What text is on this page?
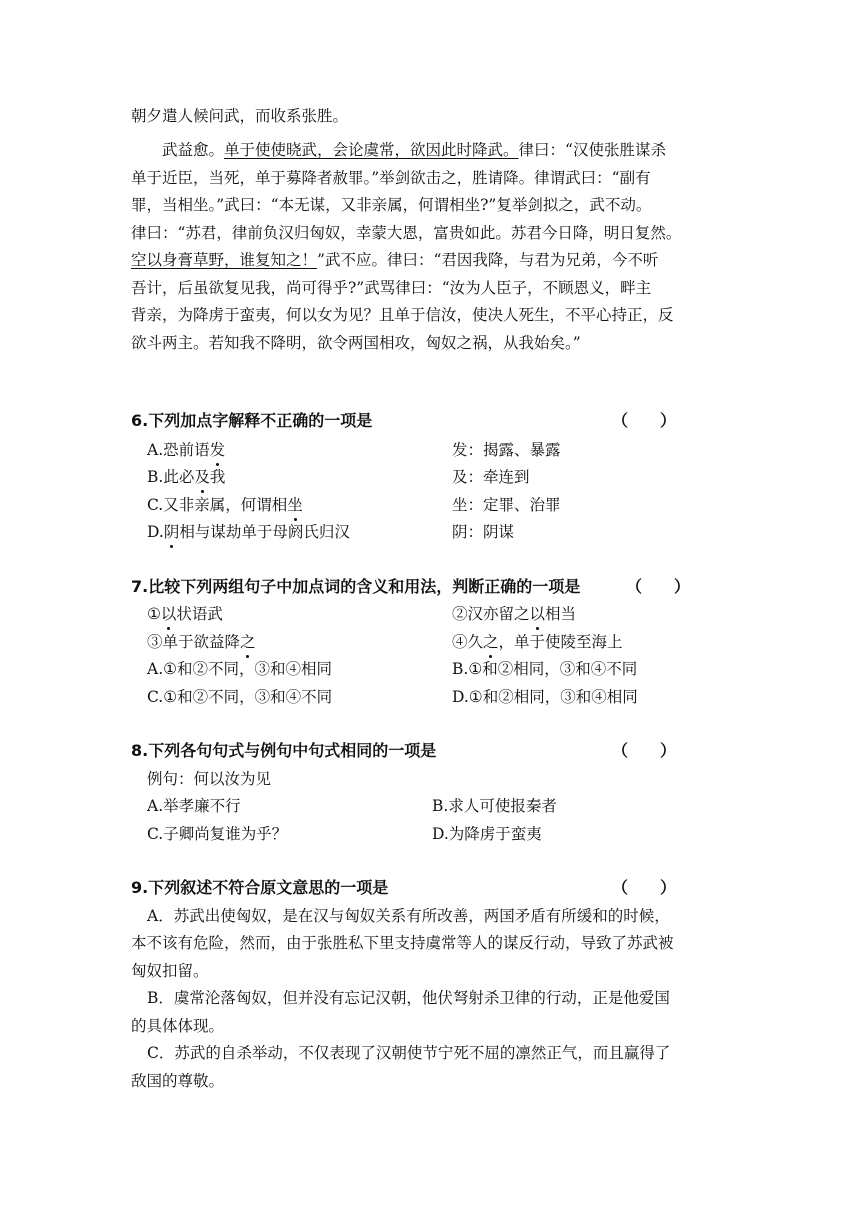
朝夕遣人候问武，而收系张胜。
武益愈。单于使使晓武，会论虞常，欲因此时降武。律曰：“汉使张胜谋杀
单于近臣，当死，单于募降者赦罪。”举剑欲击之，胜请降。律谓武曰：“副有
罪，当相坐。”武曰：“本无谋，又非亲属，何谓相坐?”复举剑拟之，武不动。
律曰：“苏君，律前负汉归匈奴，幸蒙大恩，富贵如此。苏君今日降，明日复然。
空以身膏草野，谁复知之！”武不应。律曰：“君因我降，与君为兄弟，今不听
吾计，后虽欲复见我，尚可得乎?”武骂律曰：“汝为人臣子，不顾恩义，畔主
背亲，为降虏于蛮夷，何以女为见？且单于信汝，使决人死生，不平心持正，反
欲斗两主。若知我不降明，欲令两国相攻，匈奴之祸，从我始矣。”
6.下列加点字解释不正确的一项是	（　　）
A.恐前语发	发：揭露、暴露
B.此必及我	及：牵连到
C.又非亲属，何谓相坐	坐：定罪、治罪
D.阴相与谋劫单于母阏氏归汉	阴：阴谋
7.比较下列两组句子中加点词的含义和用法，判断正确的一项是	（　　）
①以状语武	②汉亦留之以相当
③单于欲益降之	④久之，单于使陵至海上
A.①和②不同，③和④相同	B.①和②相同，③和④不同
C.①和②不同，③和④不同	D.①和②相同，③和④相同
8.下列各句句式与例句中句式相同的一项是	（　　）
例句：何以汝为见
A.举孝廉不行	B.求人可使报秦者
C.子卿尚复谁为乎？	D.为降虏于蛮夷
9.下列叙述不符合原文意思的一项是	（　　）
A．苏武出使匈奴，是在汉与匈奴关系有所改善，两国矛盾有所缓和的时候，
本不该有危险，然而，由于张胜私下里支持虞常等人的谋反行动，导致了苏武被
匈奴扣留。
B．虞常沦落匈奴，但并没有忘记汉朝，他伏弩射杀卫律的行动，正是他爱国
的具体体现。
C．苏武的自杀举动，不仅表现了汉朝使节宁死不屈的凛然正气，而且赢得了
敌国的尊敬。
